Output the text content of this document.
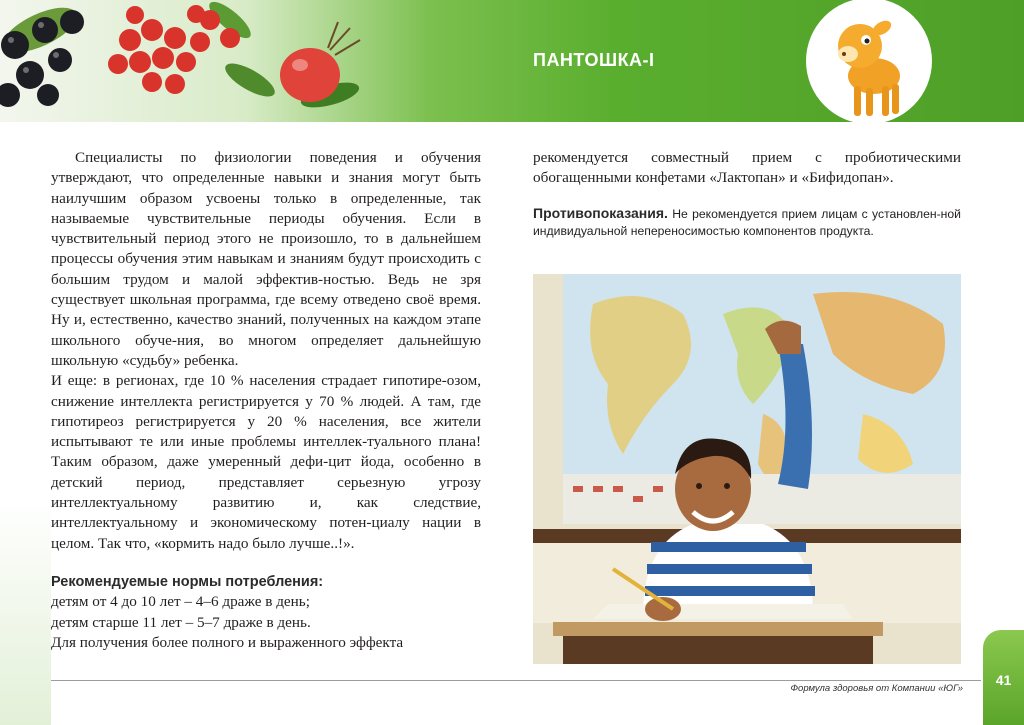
ПАНТОШКА-I

Специалисты по физиологии поведения и обучения утверждают, что определенные навыки и знания могут быть наилучшим образом усвоены только в определенные, так называемые чувствительные периоды обучения. Если в чувствительный период этого не произошло, то в дальнейшем процессы обучения этим навыкам и знаниям будут происходить с большим трудом и малой эффектив-ностью. Ведь не зря существует школьная программа, где всему отведено своё время. Ну и, естественно, качество знаний, полученных на каждом этапе школьного обуче-ния, во многом определяет дальнейшую школьную «судьбу» ребенка.

И еще: в регионах, где 10 % населения страдает гипотире-озом, снижение интеллекта регистрируется у 70 % людей. А там, где гипотиреоз регистрируется у 20 % населения, все жители испытывают те или иные проблемы интеллек-туального плана! Таким образом, даже умеренный дефи-цит йода, особенно в детский период, представляет серьезную угрозу интеллектуальному развитию и, как следствие, интеллектуальному и экономическому потен-циалу нации в целом. Так что, «кормить надо было лучше..!».

Рекомендуемые нормы потребления:

детям от 4 до 10 лет – 4–6 драже в день;

детям старше 11 лет – 5–7 драже в день.

Для получения более полного и выраженного эффекта

рекомендуется совместный прием с пробиотическими обогащенными конфетами «Лактопан» и «Бифидопан».

Противопоказания. Не рекомендуется прием лицам с установлен-ной индивидуальной непереносимостью компонентов продукта.

Формула здоровья от Компании «ЮГ»
41
